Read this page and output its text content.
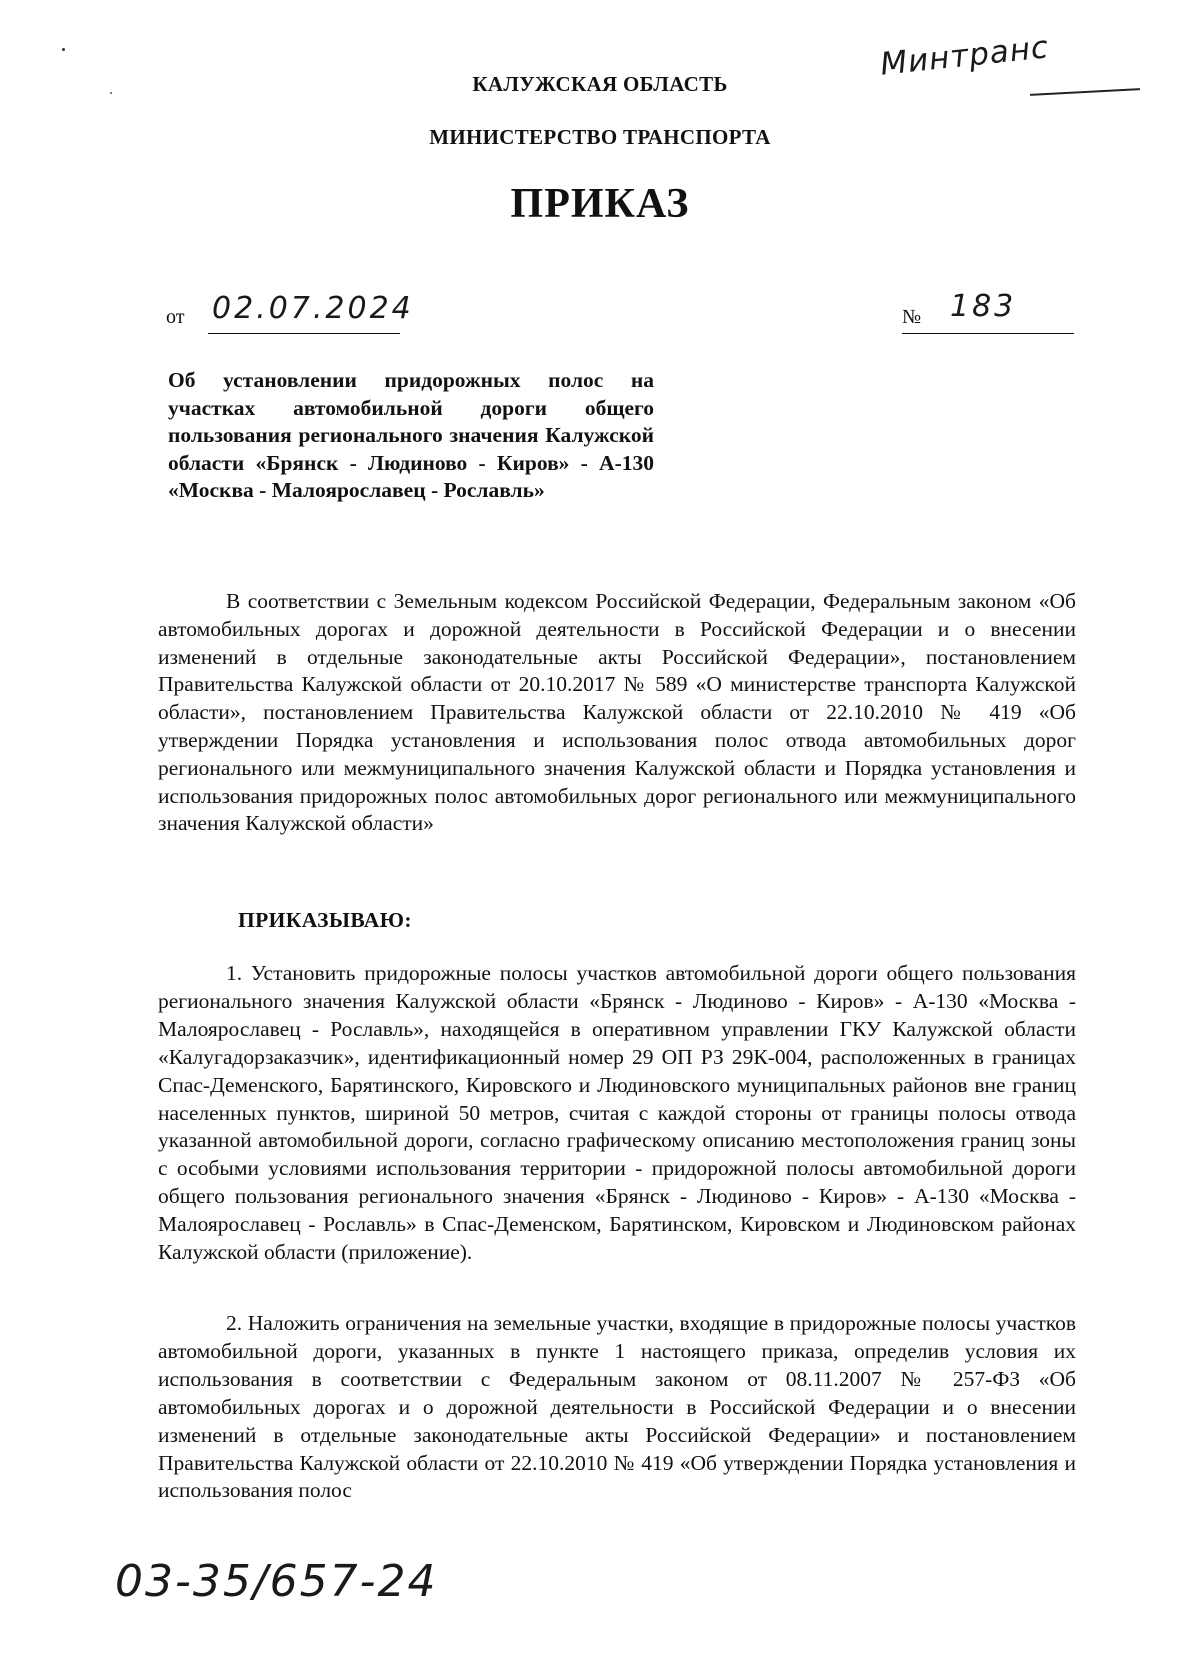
Минтранс
КАЛУЖСКАЯ ОБЛАСТЬ
МИНИСТЕРСТВО ТРАНСПОРТА
ПРИКАЗ
от 02.07.2024	№ 183
Об установлении придорожных полос на участках автомобильной дороги общего пользования регионального значения Калужской области «Брянск - Людиново - Киров» - А-130 «Москва - Малоярославец - Рославль»
В соответствии с Земельным кодексом Российской Федерации, Федеральным законом «Об автомобильных дорогах и дорожной деятельности в Российской Федерации и о внесении изменений в отдельные законодательные акты Российской Федерации», постановлением Правительства Калужской области от 20.10.2017 № 589 «О министерстве транспорта Калужской области», постановлением Правительства Калужской области от 22.10.2010 № 419 «Об утверждении Порядка установления и использования полос отвода автомобильных дорог регионального или межмуниципального значения Калужской области и Порядка установления и использования придорожных полос автомобильных дорог регионального или межмуниципального значения Калужской области»
ПРИКАЗЫВАЮ:
1. Установить придорожные полосы участков автомобильной дороги общего пользования регионального значения Калужской области «Брянск - Людиново - Киров» - А-130 «Москва - Малоярославец - Рославль», находящейся в оперативном управлении ГКУ Калужской области «Калугадорзаказчик», идентификационный номер 29 ОП РЗ 29К-004, расположенных в границах Спас-Деменского, Барятинского, Кировского и Людиновского муниципальных районов вне границ населенных пунктов, шириной 50 метров, считая с каждой стороны от границы полосы отвода указанной автомобильной дороги, согласно графическому описанию местоположения границ зоны с особыми условиями использования территории - придорожной полосы автомобильной дороги общего пользования регионального значения «Брянск - Людиново - Киров» - А-130 «Москва - Малоярославец - Рославль» в Спас-Деменском, Барятинском, Кировском и Людиновском районах Калужской области (приложение).
2. Наложить ограничения на земельные участки, входящие в придорожные полосы участков автомобильной дороги, указанных в пункте 1 настоящего приказа, определив условия их использования в соответствии с Федеральным законом от 08.11.2007 № 257-ФЗ «Об автомобильных дорогах и о дорожной деятельности в Российской Федерации и о внесении изменений в отдельные законодательные акты Российской Федерации» и постановлением Правительства Калужской области от 22.10.2010 № 419 «Об утверждении Порядка установления и использования полос
03-35/657-24
